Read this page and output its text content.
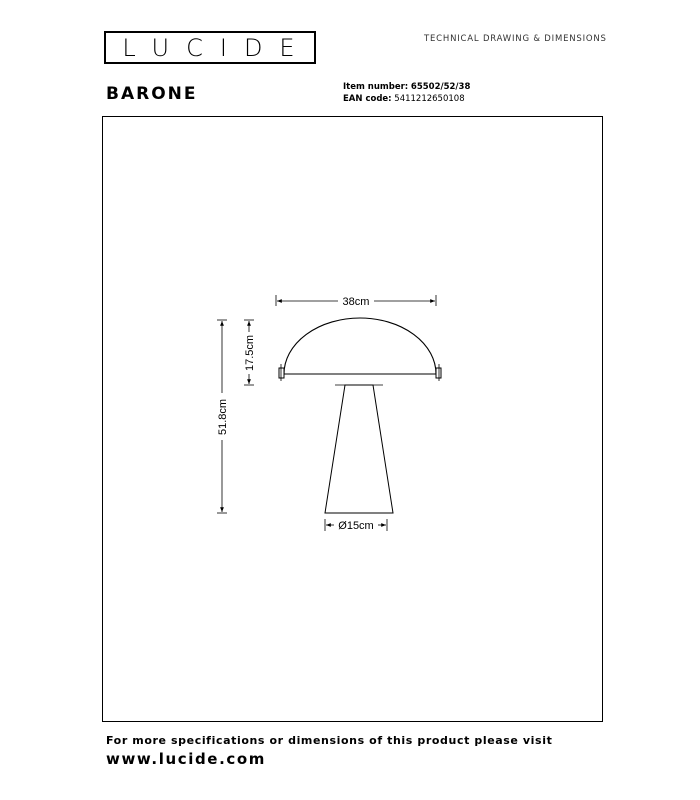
LUCIDE	TECHNICAL DRAWING & DIMENSIONS
BARONE	Item number: 65502/52/38
EAN code: 5411212650108
38cm
51.8cm
17.5cm
Ø15cm
For more specifications or dimensions of this product please visit
www.lucide.com
